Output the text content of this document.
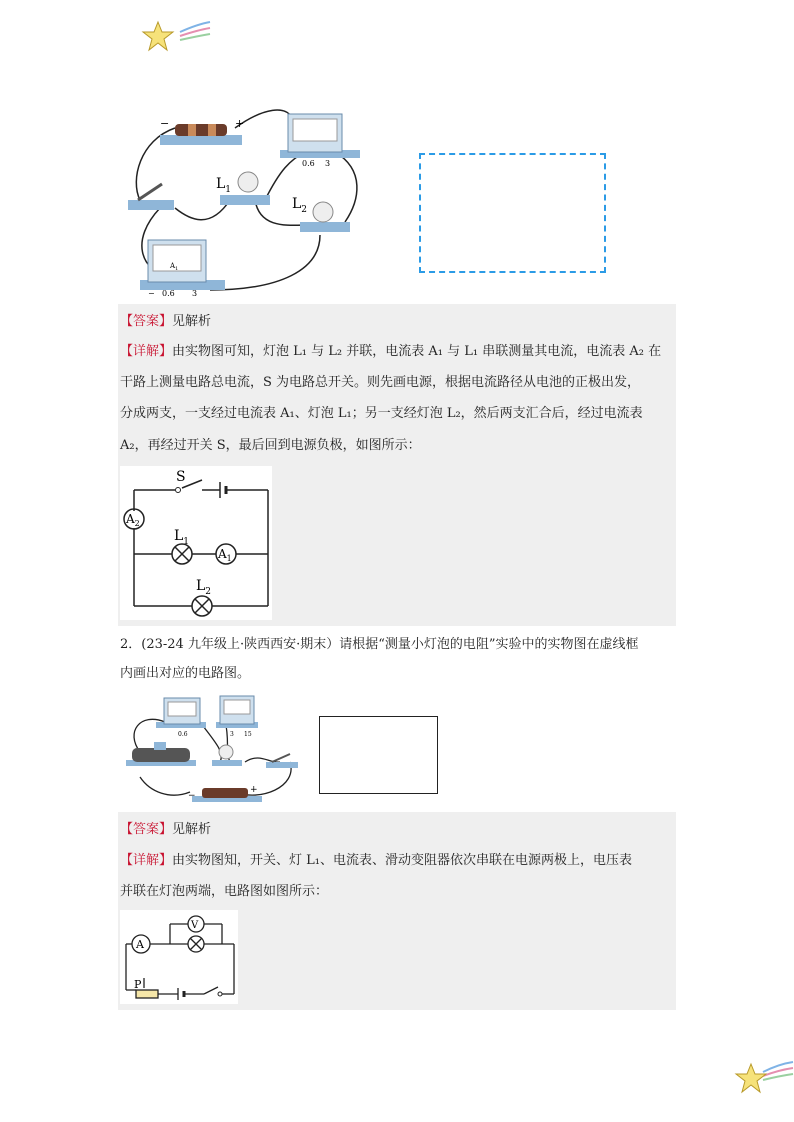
−	+
0.6 3
$L_1$
$L_2$
$A_1$
− 0.6 3
【答案】见解析
【详解】由实物图可知，灯泡 L₁ 与 L₂ 并联，电流表 A₁ 与 L₁ 串联测量其电流，电流表 A₂ 在
干路上测量电路总电流，S 为电路总开关。则先画电源，根据电流路径从电池的正极出发，
分成两支，一支经过电流表 A₁、灯泡 L₁；另一支经灯泡 L₂，然后两支汇合后，经过电流表
A₂，再经过开关 S，最后回到电源负极，如图所示：
S
$A_2$
$L_1$
$A_1$
$L_2$
2．(23-24 九年级上·陕西西安·期末）请根据“测量小灯泡的电阻”实验中的实物图在虚线框
内画出对应的电路图。
0.6	3 15
−
+
【答案】见解析
【详解】由实物图知，开关、灯 L₁、电流表、滑动变阻器依次串联在电源两极上，电压表
并联在灯泡两端，电路图如图所示：
A
V
P
